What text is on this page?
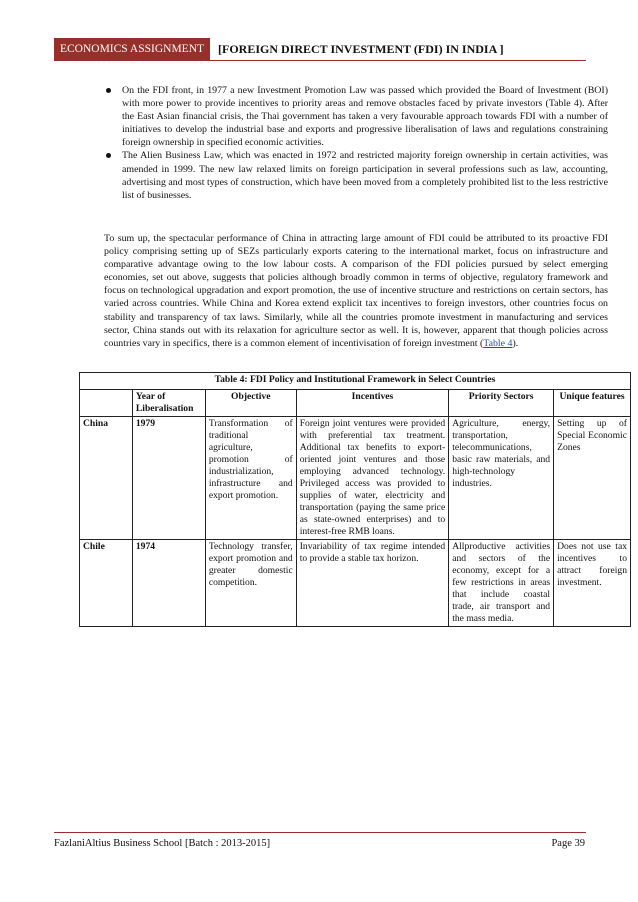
ECONOMICS ASSIGNMENT	[FOREIGN DIRECT INVESTMENT (FDI) IN INDIA ]
On the FDI front, in 1977 a new Investment Promotion Law was passed which provided the Board of Investment (BOI) with more power to provide incentives to priority areas and remove obstacles faced by private investors (Table 4). After the East Asian financial crisis, the Thai government has taken a very favourable approach towards FDI with a number of initiatives to develop the industrial base and exports and progressive liberalisation of laws and regulations constraining foreign ownership in specified economic activities.
The Alien Business Law, which was enacted in 1972 and restricted majority foreign ownership in certain activities, was amended in 1999. The new law relaxed limits on foreign participation in several professions such as law, accounting, advertising and most types of construction, which have been moved from a completely prohibited list to the less restrictive list of businesses.

To sum up, the spectacular performance of China in attracting large amount of FDI could be attributed to its proactive FDI policy comprising setting up of SEZs particularly exports catering to the international market, focus on infrastructure and comparative advantage owing to the low labour costs. A comparison of the FDI policies pursued by select emerging economies, set out above, suggests that policies although broadly common in terms of objective, regulatory framework and focus on technological upgradation and export promotion, the use of incentive structure and restrictions on certain sectors, has varied across countries. While China and Korea extend explicit tax incentives to foreign investors, other countries focus on stability and transparency of tax laws. Similarly, while all the countries promote investment in manufacturing and services sector, China stands out with its relaxation for agriculture sector as well. It is, however, apparent that though policies across countries vary in specifics, there is a common element of incentivisation of foreign investment (Table 4).

Table 4: FDI Policy and Institutional Framework in Select Countries					
	Year of Liberalisation	Objective	Incentives	Priority Sectors	Unique features
China	1979	Transformation of traditional agriculture, promotion of industrialization, infrastructure and export promotion.	Foreign joint ventures were provided with preferential tax treatment. Additional tax benefits to export-oriented joint ventures and those employing advanced technology. Privileged access was provided to supplies of water, electricity and transportation (paying the same price as state-owned enterprises) and to interest-free RMB loans.	Agriculture, energy, transportation, telecommunications, basic raw materials, and high-technology industries.	Setting up of Special Economic Zones
Chile	1974	Technology transfer, export promotion and greater domestic competition.	Invariability of tax regime intended to provide a stable tax horizon.	Allproductive activities and sectors of the economy, except for a few restrictions in areas that include coastal trade, air transport and the mass media.	Does not use tax incentives to attract foreign investment.
FazlaniAltius Business School [Batch : 2013-2015]	Page 39
